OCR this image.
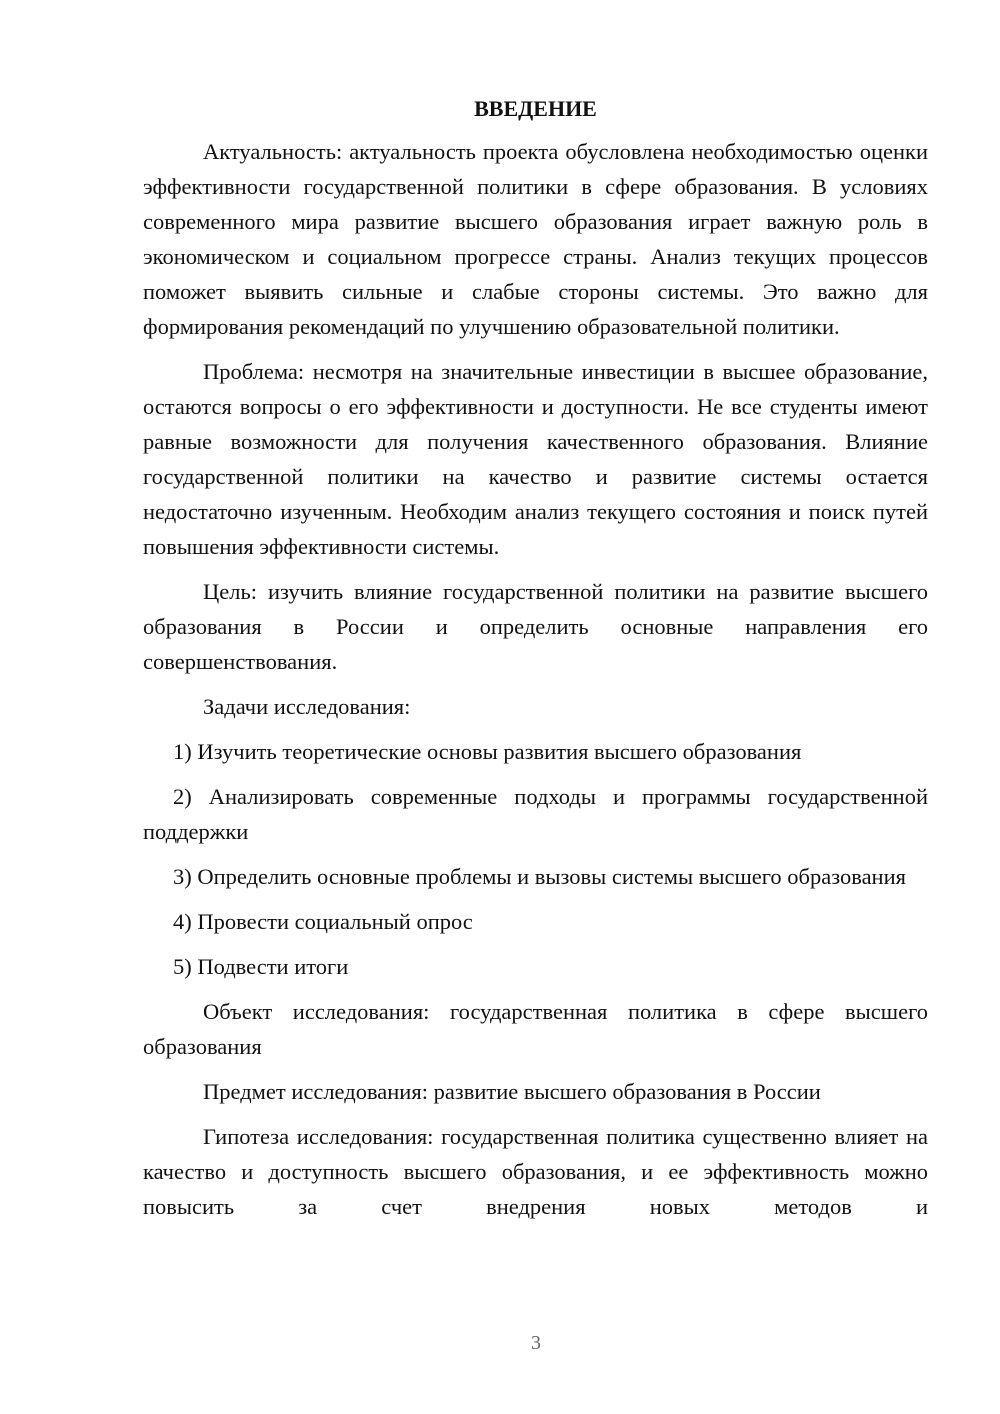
ВВЕДЕНИЕ

Актуальность: актуальность проекта обусловлена необходимостью оценки эффективности государственной политики в сфере образования. В условиях современного мира развитие высшего образования играет важную роль в экономическом и социальном прогрессе страны. Анализ текущих процессов поможет выявить сильные и слабые стороны системы. Это важно для формирования рекомендаций по улучшению образовательной политики.

Проблема: несмотря на значительные инвестиции в высшее образование, остаются вопросы о его эффективности и доступности. Не все студенты имеют равные возможности для получения качественного образования. Влияние государственной политики на качество и развитие системы остается недостаточно изученным. Необходим анализ текущего состояния и поиск путей повышения эффективности системы.

Цель: изучить влияние государственной политики на развитие высшего образования в России и определить основные направления его совершенствования.

Задачи исследования:

1) Изучить теоретические основы развития высшего образования

2) Анализировать современные подходы и программы государственной поддержки

3) Определить основные проблемы и вызовы системы высшего образования

4) Провести социальный опрос

5) Подвести итоги

Объект исследования: государственная политика в сфере высшего образования

Предмет исследования: развитие высшего образования в России

Гипотеза исследования: государственная политика существенно влияет на качество и доступность высшего образования, и ее эффективность можно повысить за счет внедрения новых методов и

3
